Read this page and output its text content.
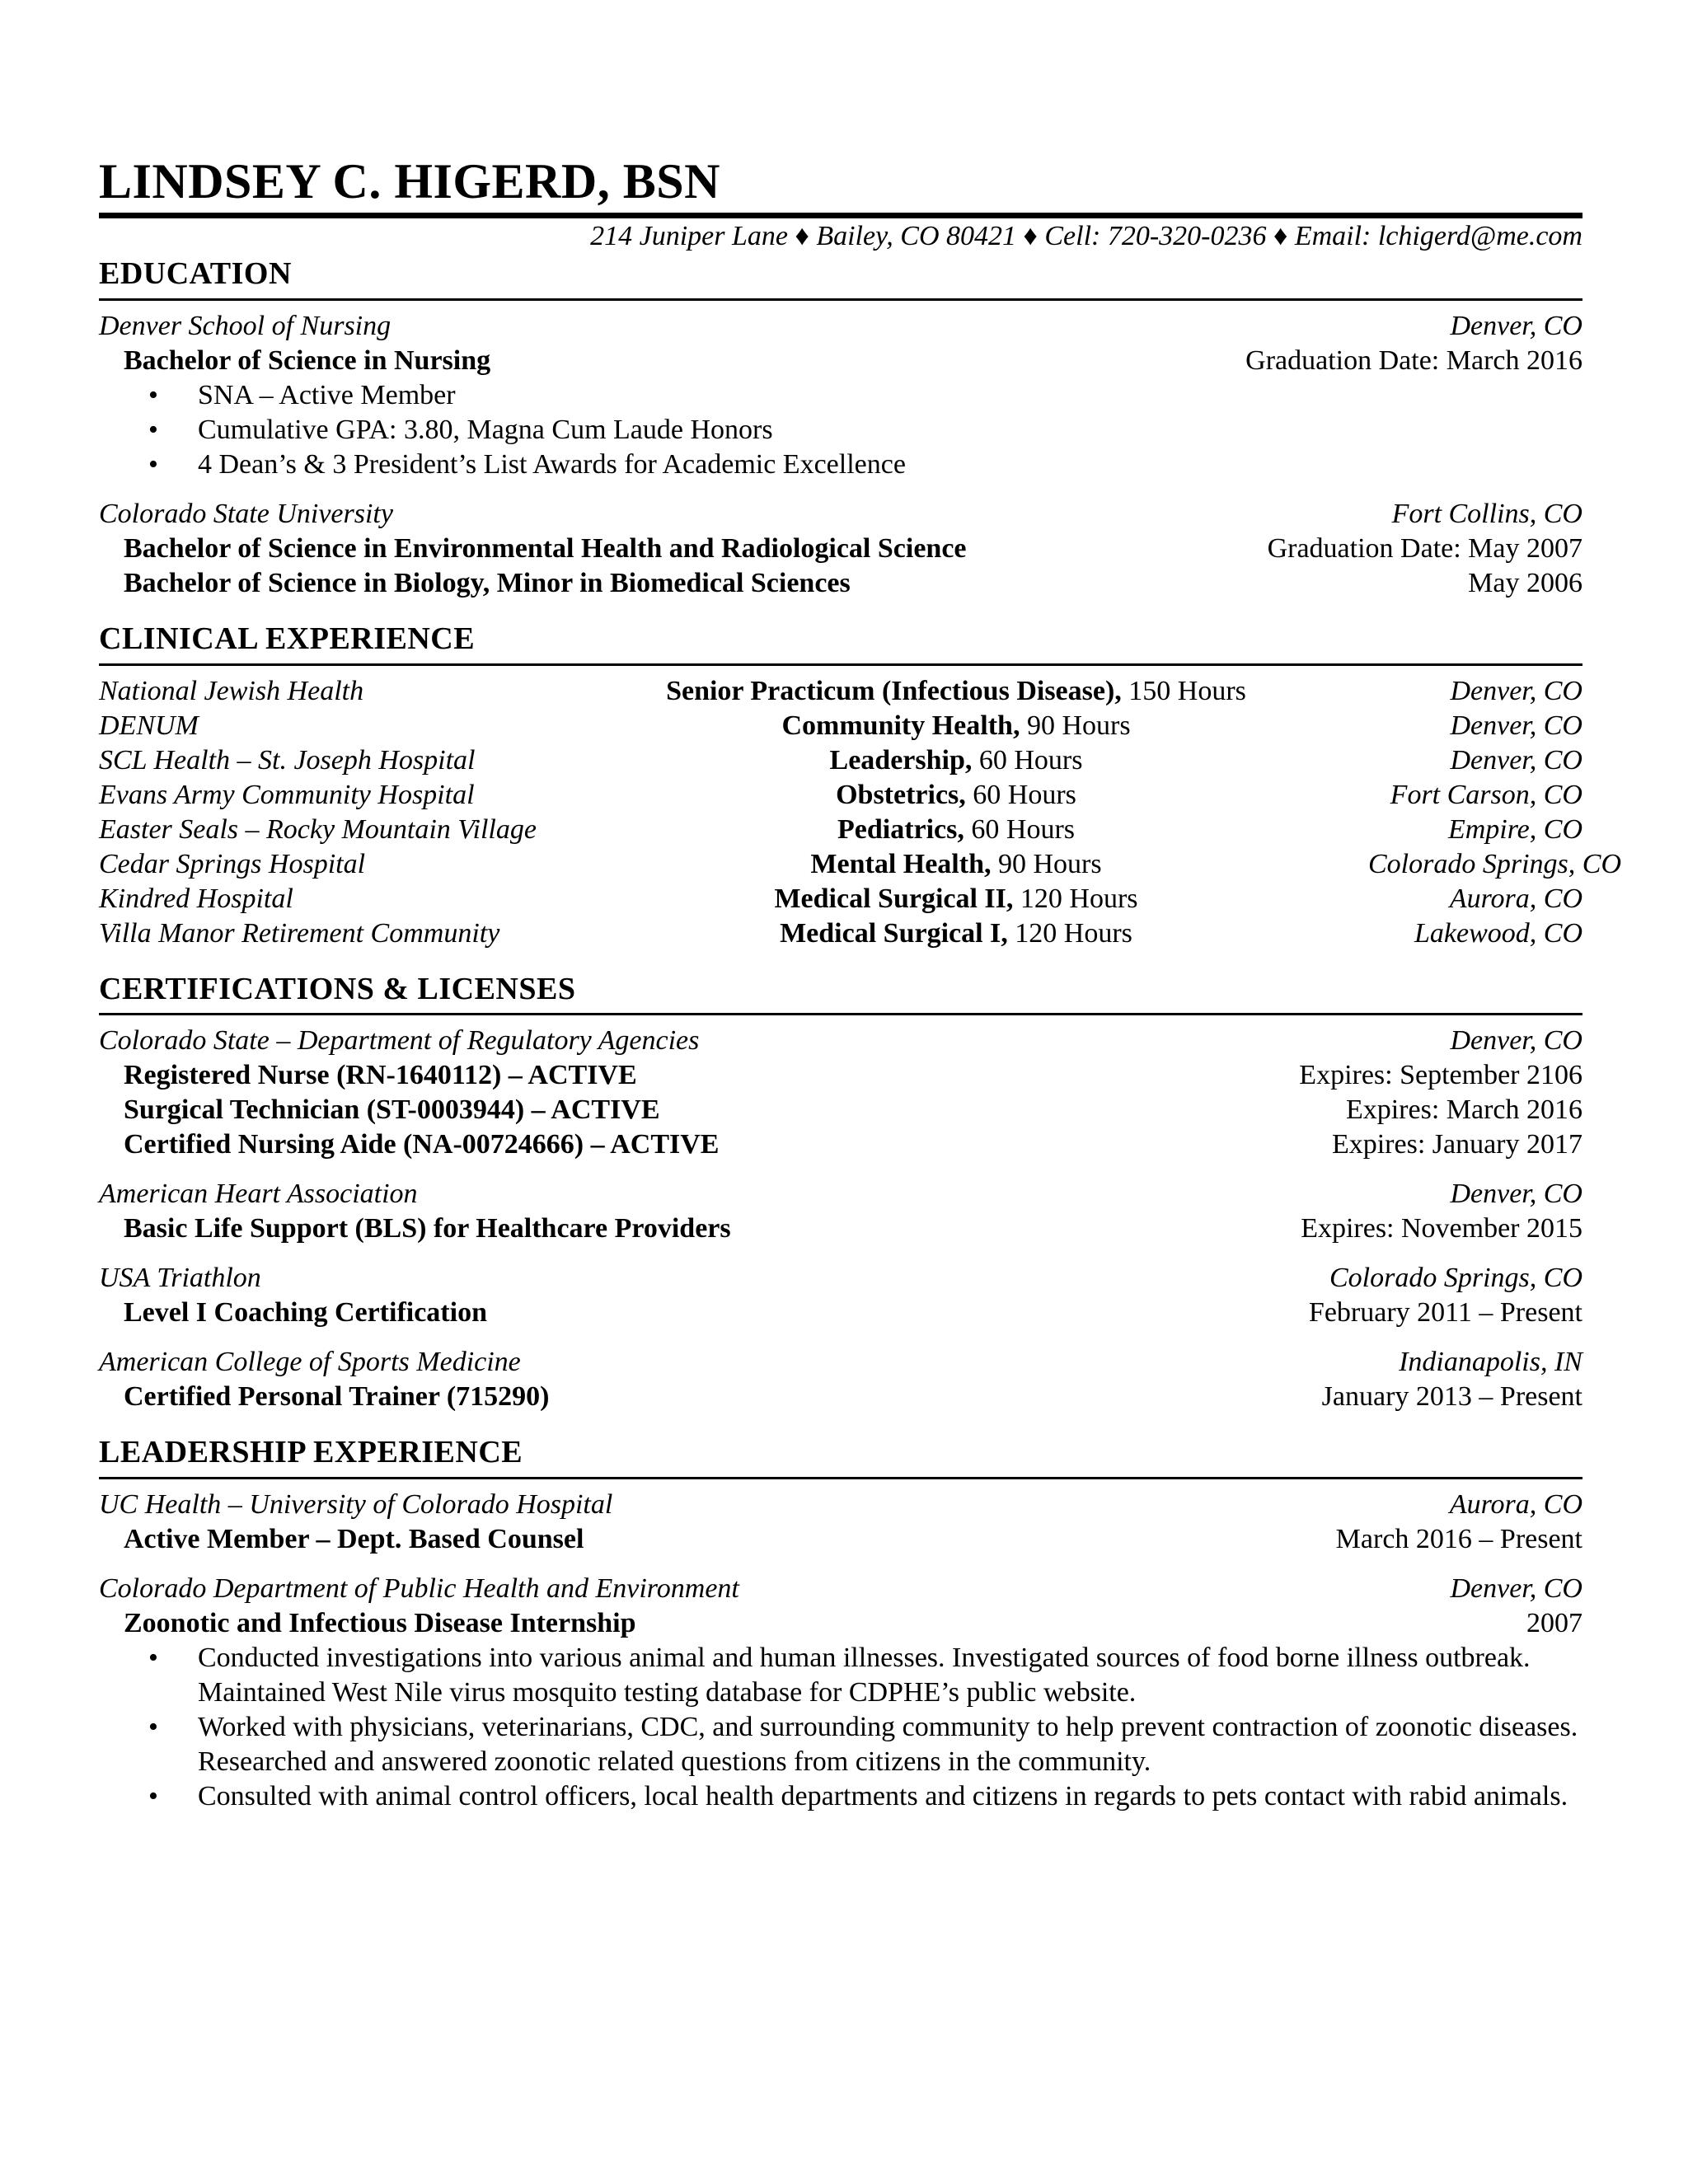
LINDSEY C. HIGERD, BSN
214 Juniper Lane ♦ Bailey, CO 80421 ♦ Cell: 720-320-0236 ♦ Email: lchigerd@me.com
EDUCATION
Denver School of Nursing	Denver, CO
Bachelor of Science in Nursing	Graduation Date: March 2016
• SNA – Active Member
• Cumulative GPA: 3.80, Magna Cum Laude Honors
• 4 Dean’s & 3 President’s List Awards for Academic Excellence
Colorado State University	Fort Collins, CO
Bachelor of Science in Environmental Health and Radiological Science	Graduation Date: May 2007
Bachelor of Science in Biology, Minor in Biomedical Sciences	May 2006
CLINICAL EXPERIENCE
National Jewish Health	Senior Practicum (Infectious Disease), 150 Hours	Denver, CO
DENUM	Community Health, 90 Hours	Denver, CO
SCL Health – St. Joseph Hospital	Leadership, 60 Hours	Denver, CO
Evans Army Community Hospital	Obstetrics, 60 Hours	Fort Carson, CO
Easter Seals – Rocky Mountain Village	Pediatrics, 60 Hours	Empire, CO
Cedar Springs Hospital	Mental Health, 90 Hours	Colorado Springs, CO
Kindred Hospital	Medical Surgical II, 120 Hours	Aurora, CO
Villa Manor Retirement Community	Medical Surgical I, 120 Hours	Lakewood, CO
CERTIFICATIONS & LICENSES
Colorado State – Department of Regulatory Agencies	Denver, CO
Registered Nurse (RN-1640112) – ACTIVE	Expires: September 2106
Surgical Technician (ST-0003944) – ACTIVE	Expires: March 2016
Certified Nursing Aide (NA-00724666) – ACTIVE	Expires: January 2017
American Heart Association	Denver, CO
Basic Life Support (BLS) for Healthcare Providers	Expires: November 2015
USA Triathlon	Colorado Springs, CO
Level I Coaching Certification	February 2011 – Present
American College of Sports Medicine	Indianapolis, IN
Certified Personal Trainer (715290)	January 2013 – Present
LEADERSHIP EXPERIENCE
UC Health – University of Colorado Hospital	Aurora, CO
Active Member – Dept. Based Counsel	March 2016 – Present
Colorado Department of Public Health and Environment	Denver, CO
Zoonotic and Infectious Disease Internship	2007
• Conducted investigations into various animal and human illnesses. Investigated sources of food borne illness outbreak. Maintained West Nile virus mosquito testing database for CDPHE’s public website.
• Worked with physicians, veterinarians, CDC, and surrounding community to help prevent contraction of zoonotic diseases. Researched and answered zoonotic related questions from citizens in the community.
• Consulted with animal control officers, local health departments and citizens in regards to pets contact with rabid animals.
